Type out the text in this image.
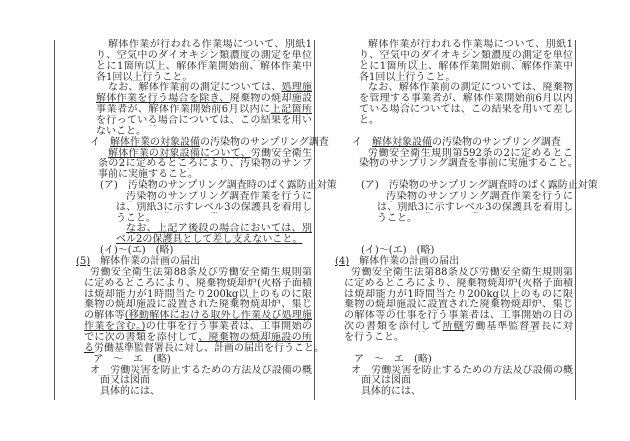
解体作業が行われる作業場について、別紙1
り、空気中のダイオキシン類濃度の測定を単位
とに1箇所以上、解体作業開始前、解体作業中
各1回以上行うこと。
なお、解体作業前の測定については、処理施
解体作業を行う場合を除き、廃棄物の焼却施設
事業者が、解体作業開始前6月以内に上記箇所
を行っている場合については、この結果を用い
ないこと。
イ　解体作業の対象設備の汚染物のサンプリング調査
解体作業の対象設備について、労働安全衛生
条の2に定めるところにより、汚染物のサンプ
事前に実施すること。
(ア)　汚染物のサンプリング調査時のばく露防止対策
汚染物のサンプリング調査作業を行うに
は、別紙3に示すレベル3の保護具を着用し
うこと。
なお、上記ア後段の場合においては、別
ベル2の保護具として差し支えないこと。
(イ)～(エ)　(略)
(5)　解体作業の計画の届出
労働安全衛生法第88条及び労働安全衛生規則第
に定めるところにより、廃棄物焼却炉(火格子面積
は焼却能力が1時間当たり200kg以上のものに限
棄物の焼却施設に設置された廃棄物焼却炉、集じ
の解体等(移動解体における取外し作業及び処理施
作業を含む。)の仕事を行う事業者は、工事開始の
でに次の書類を添付して、廃棄物の焼却施設の所
る労働基準監督署長に対し、計画の届出を行うこと。
ア　～　エ　(略)
オ　労働災害を防止するための方法及び設備の概
面又は図面
具体的には、
解体作業が行われる作業場について、別紙1
り、空気中のダイオキシン類濃度の測定を単位
とに1箇所以上、解体作業開始前、解体作業中
各1回以上行うこと。
なお、解体作業前の測定については、廃棄物
を管理する事業者が、解体作業開始前6月以内
ている場合については、この結果を用いて差し
と。
イ　解体対象設備の汚染物のサンプリング調査
労働安全衛生規則第592条の2に定めるとこ
染物のサンプリング調査を事前に実施すること。
(ア)　汚染物のサンプリング調査時のばく露防止対策
汚染物のサンプリング調査作業を行うに
は、別紙3に示すレベル3の保護具を着用し
うこと。
(イ)～(エ)　(略)
(4)　解体作業の計画の届出
労働安全衛生法第88条及び労働安全衛生規則第
に定めるところにより、廃棄物焼却炉(火格子面積
は焼却能力が1時間当たり200kg以上のものに限
棄物の焼却施設に設置された廃棄物焼却炉、集じ
の解体等の仕事を行う事業者は、工事開始の日の
次の書類を添付して所轄労働基準監督署長に対
を行うこと。
ア　～　エ　(略)
オ　労働災害を防止するための方法及び設備の概
面又は図面
具体的には、
